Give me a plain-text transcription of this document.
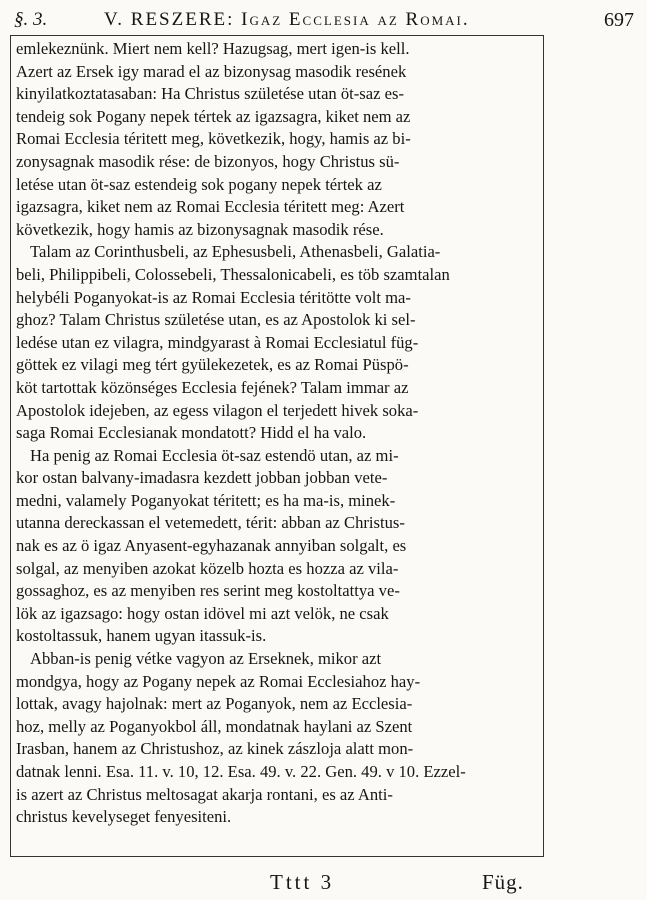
§. 3.	V. RESZERE: Igaz Ecclesia az Romai.	697

emlekeznünk. Miert nem kell? Hazugsag, mert igen-is kell.
Azert az Ersek igy marad el az bizonysag masodik resének
kinyilatkoztatasaban: Ha Christus születése utan öt-saz es-
tendeig sok Pogany nepek tértek az igazsagra, kiket nem az
Romai Ecclesia téritett meg, következik, hogy, hamis az bi-
zonysagnak masodik rése: de bizonyos, hogy Christus sü-
letése utan öt-saz estendeig sok pogany nepek tértek az
igazsagra, kiket nem az Romai Ecclesia téritett meg: Azert
következik, hogy hamis az bizonysagnak masodik rése.

Talam az Corinthusbeli, az Ephesusbeli, Athenasbeli, Galatia-
beli, Philippibeli, Colossebeli, Thessalonicabeli, es töb szamtalan
helybéli Poganyokat-is az Romai Ecclesia téritötte volt ma-
ghoz? Talam Christus születése utan, es az Apostolok ki sel-
ledése utan ez vilagra, mindgyarast à Romai Ecclesiatul füg-
göttek ez vilagi meg tért gyülekezetek, es az Romai Püspö-
köt tartottak közönséges Ecclesia fejének? Talam immar az
Apostolok idejeben, az egess vilagon el terjedett hivek soka-
saga Romai Ecclesianak mondatott? Hidd el ha valo.

Ha penig az Romai Ecclesia öt-saz estendö utan, az mi-
kor ostan balvany-imadasra kezdett jobban jobban vete-
medni, valamely Poganyokat téritett; es ha ma-is, minek-
utanna dereckassan el vetemedett, térit: abban az Christus-
nak es az ö igaz Anyasent-egyhazanak annyiban solgalt, es
solgal, az menyiben azokat közelb hozta es hozza az vila-
gossaghoz, es az menyiben res serint meg kostoltattya ve-
lök az igazsago: hogy ostan idövel mi azt velök, ne csak
kostoltassuk, hanem ugyan itassuk-is.

Abban-is penig vétke vagyon az Erseknek, mikor azt
mondgya, hogy az Pogany nepek az Romai Ecclesiahoz hay-
lottak, avagy hajolnak: mert az Poganyok, nem az Ecclesia-
hoz, melly az Poganyokbol áll, mondatnak haylani az Szent
Irasban, hanem az Christushoz, az kinek zászloja alatt mon-
datnak lenni. Esa. 11. v. 10, 12. Esa. 49. v. 22. Gen. 49. v 10. Ezzel-
is azert az Christus meltosagat akarja rontani, es az Anti-
christus kevelyseget fenyesiteni.

Tttt 3	Füg.
